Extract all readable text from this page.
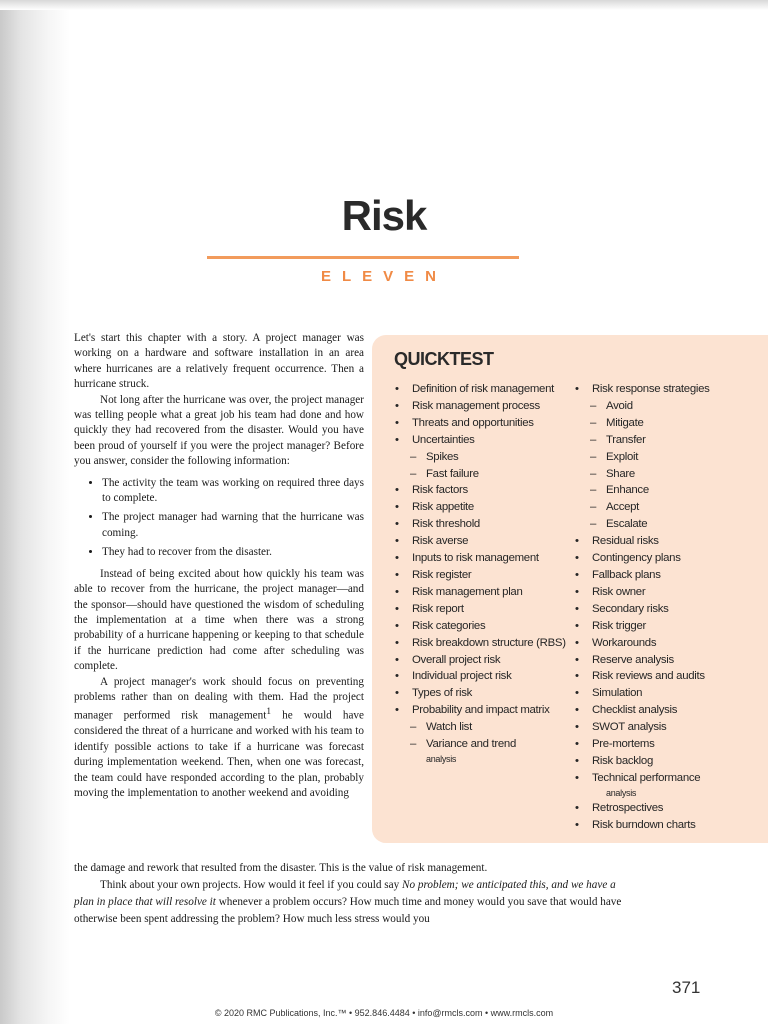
Risk
ELEVEN

Let's start this chapter with a story. A project manager was working on a hardware and software installation in an area where hurricanes are a relatively frequent occurrence. Then a hurricane struck.

Not long after the hurricane was over, the project manager was telling people what a great job his team had done and how quickly they had recovered from the disaster. Would you have been proud of yourself if you were the project manager? Before you answer, consider the following information:

• The activity the team was working on required three days to complete.
• The project manager had warning that the hurricane was coming.
• They had to recover from the disaster.

Instead of being excited about how quickly his team was able to recover from the hurricane, the project manager—and the sponsor—should have questioned the wisdom of scheduling the implementation at a time when there was a strong probability of a hurricane happening or keeping to that schedule if the hurricane prediction had come after scheduling was complete.

A project manager's work should focus on preventing problems rather than on dealing with them. Had the project manager performed risk management$^1$ he would have considered the threat of a hurricane and worked with his team to identify possible actions to take if a hurricane was forecast during implementation weekend. Then, when one was forecast, the team could have responded according to the plan, probably moving the implementation to another weekend and avoiding

the damage and rework that resulted from the disaster. This is the value of risk management.

Think about your own projects. How would it feel if you could say No problem; we anticipated this, and we have a plan in place that will resolve it whenever a problem occurs? How much time and money would you save that would have otherwise been spent addressing the problem? How much less stress would you

QUICKTEST
• Definition of risk management
• Risk management process
• Threats and opportunities
• Uncertainties
– Spikes
– Fast failure
• Risk factors
• Risk appetite
• Risk threshold
• Risk averse
• Inputs to risk management
• Risk register
• Risk management plan
• Risk report
• Risk categories
• Risk breakdown structure (RBS)
• Overall project risk
• Individual project risk
• Types of risk
• Probability and impact matrix
– Watch list
– Variance and trend
analysis
• Risk response strategies
– Avoid
– Mitigate
– Transfer
– Exploit
– Share
– Enhance
– Accept
– Escalate
• Residual risks
• Contingency plans
• Fallback plans
• Risk owner
• Secondary risks
• Risk trigger
• Workarounds
• Reserve analysis
• Risk reviews and audits
• Simulation
• Checklist analysis
• SWOT analysis
• Pre-mortems
• Risk backlog
• Technical performance
analysis
• Retrospectives
• Risk burndown charts
371
© 2020 RMC Publications, Inc.™ • 952.846.4484 • info@rmcls.com • www.rmcls.com
